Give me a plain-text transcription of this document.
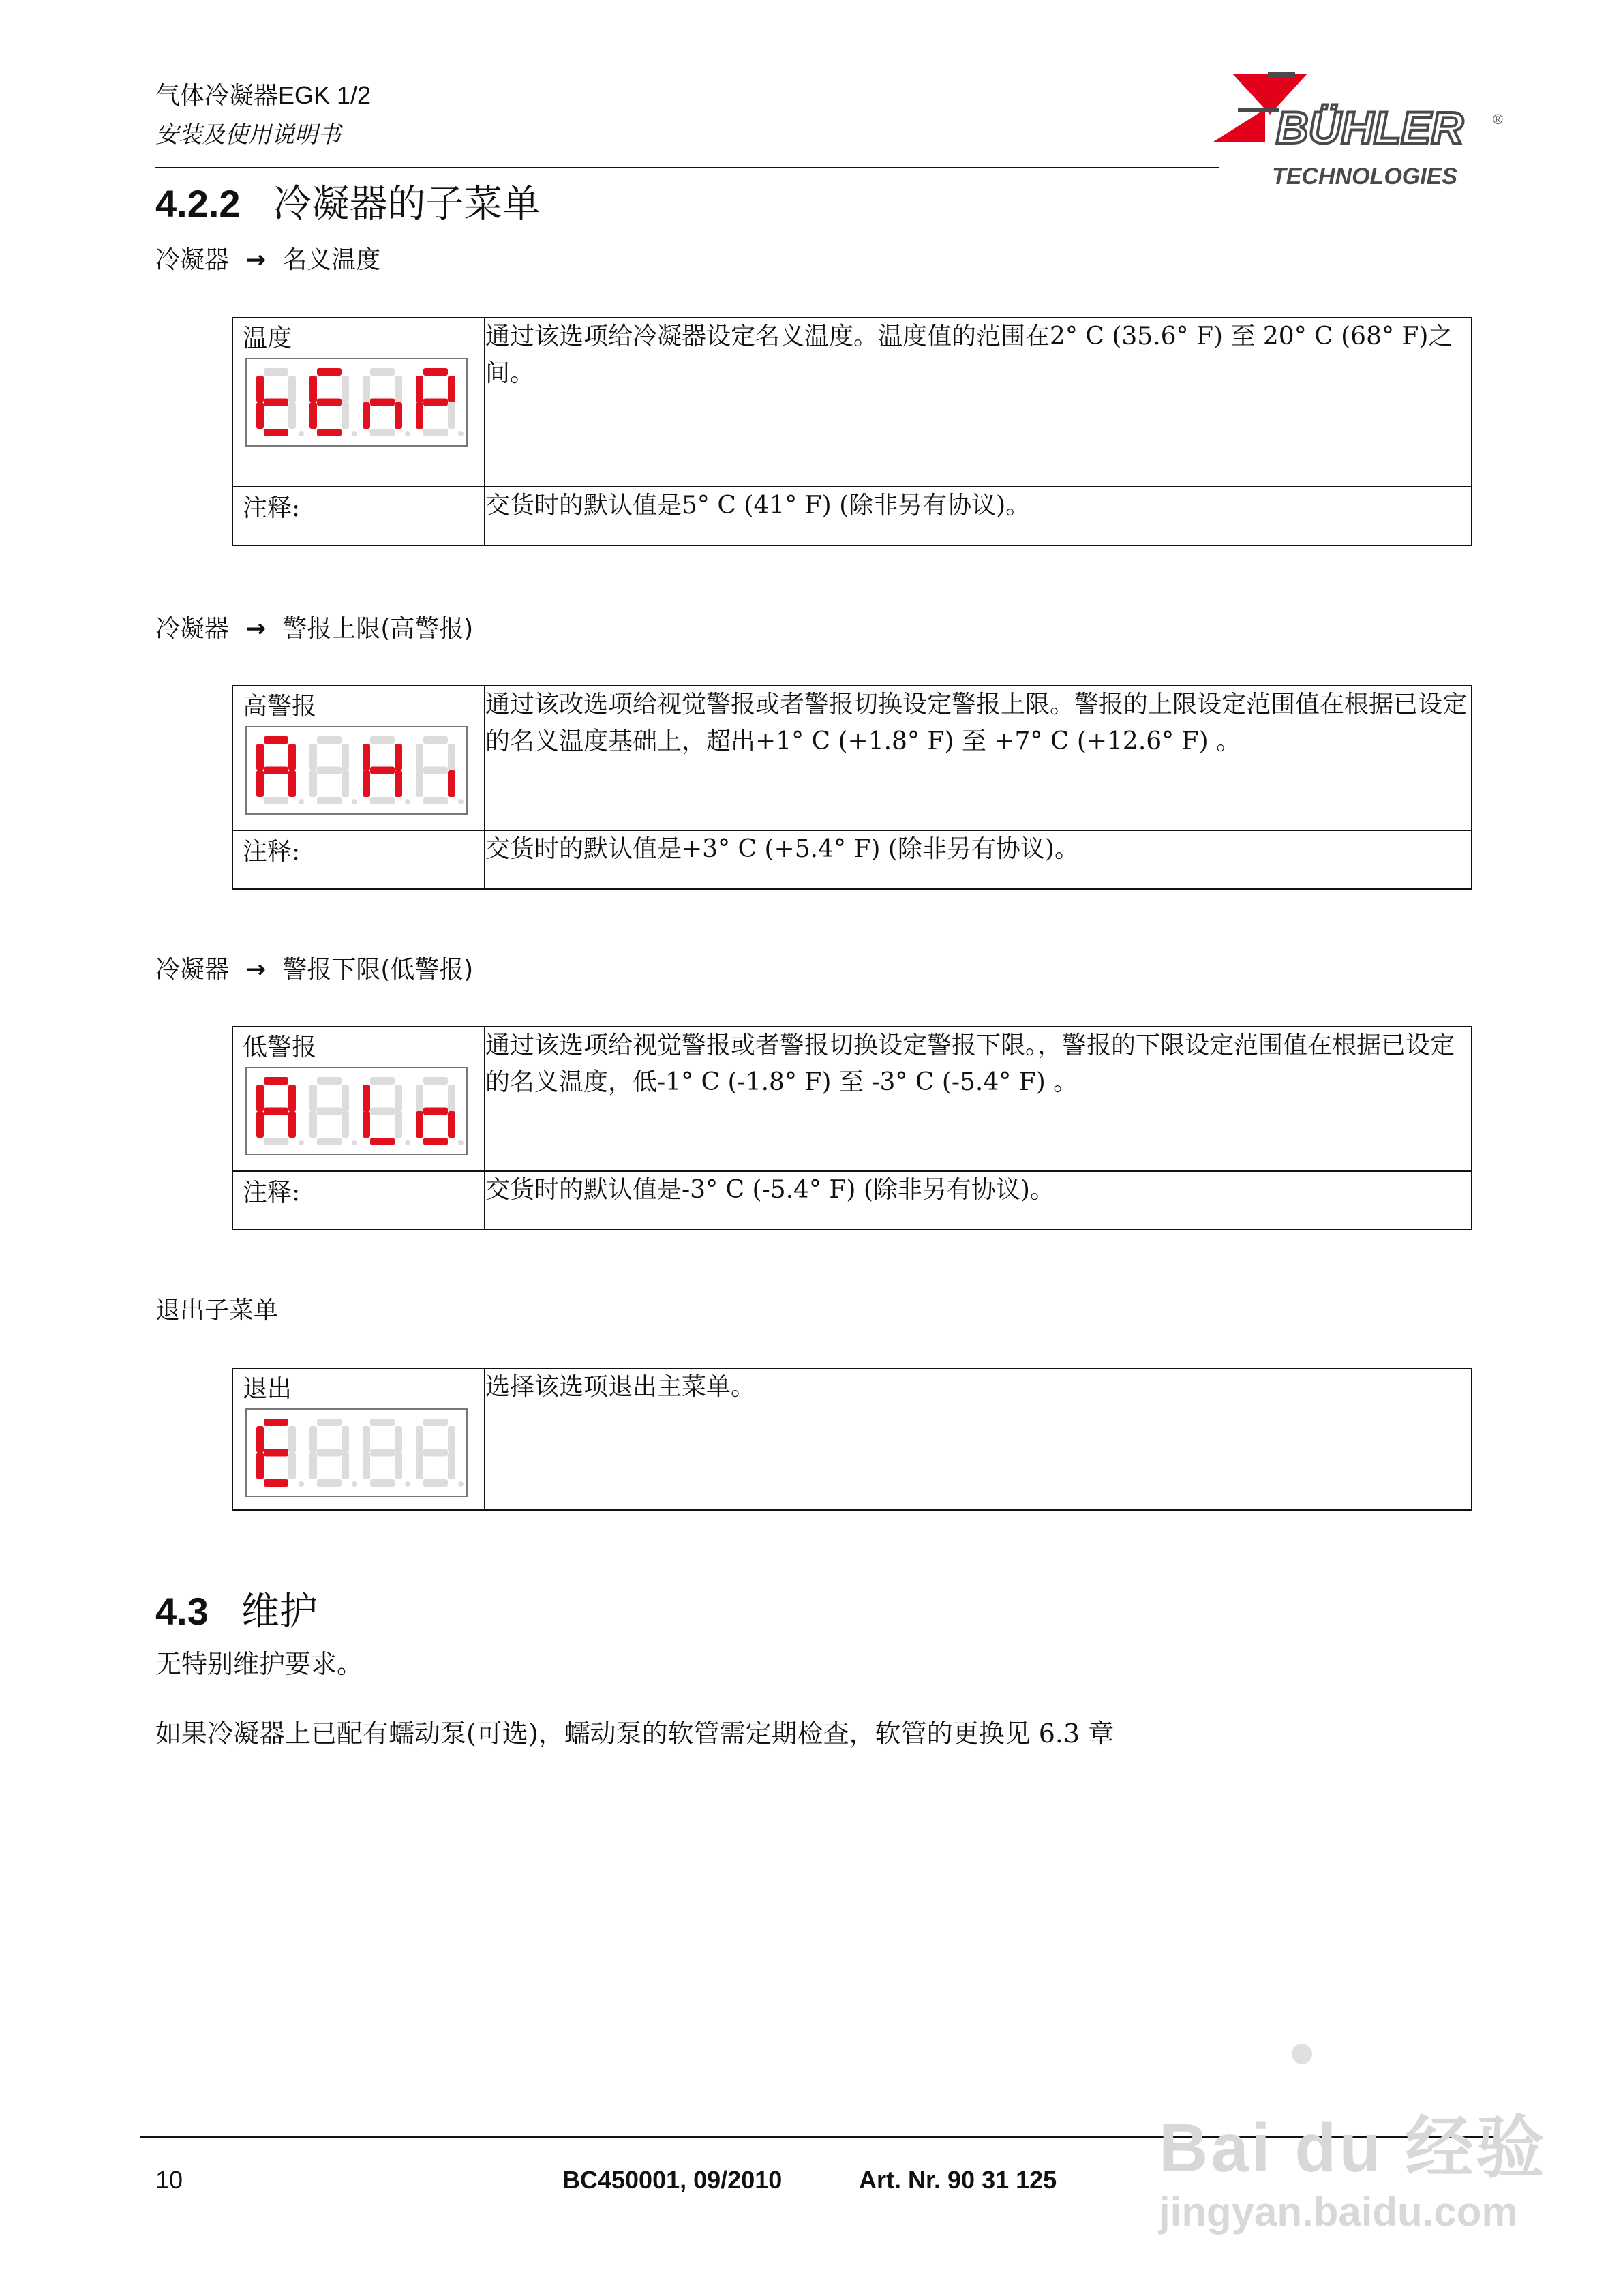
气体冷凝器EGK 1/2
安装及使用说明书	BÜHLER ®
TECHNOLOGIES
4.2.2 冷凝器的子菜单
冷凝器 → 名义温度
温度	通过该选项给冷凝器设定名义温度。温度值的范围在2° C (35.6° F) 至 20° C (68° F)之间。

注释:	交货时的默认值是5° C (41° F) (除非另有协议)。
冷凝器 → 警报上限(高警报)
高警报	通过该改选项给视觉警报或者警报切换设定警报上限。警报的上限设定范围值在根据已设定的名义温度基础上，超出+1° C (+1.8° F) 至 +7° C (+12.6° F) 。

注释:	交货时的默认值是+3° C (+5.4° F) (除非另有协议)。
冷凝器 → 警报下限(低警报)
低警报	通过该选项给视觉警报或者警报切换设定警报下限。，警报的下限设定范围值在根据已设定的名义温度，低-1° C (-1.8° F) 至 -3° C (-5.4° F) 。

注释:	交货时的默认值是-3° C (-5.4° F) (除非另有协议)。
退出子菜单
退出	选择该选项退出主菜单。
4.3 维护
无特别维护要求。
如果冷凝器上已配有蠕动泵(可选)，蠕动泵的软管需定期检查，软管的更换见 6.3 章
10	BC450001, 09/2010	Art. Nr. 90 31 125 Bai du 经验
jingyan.baidu.com
